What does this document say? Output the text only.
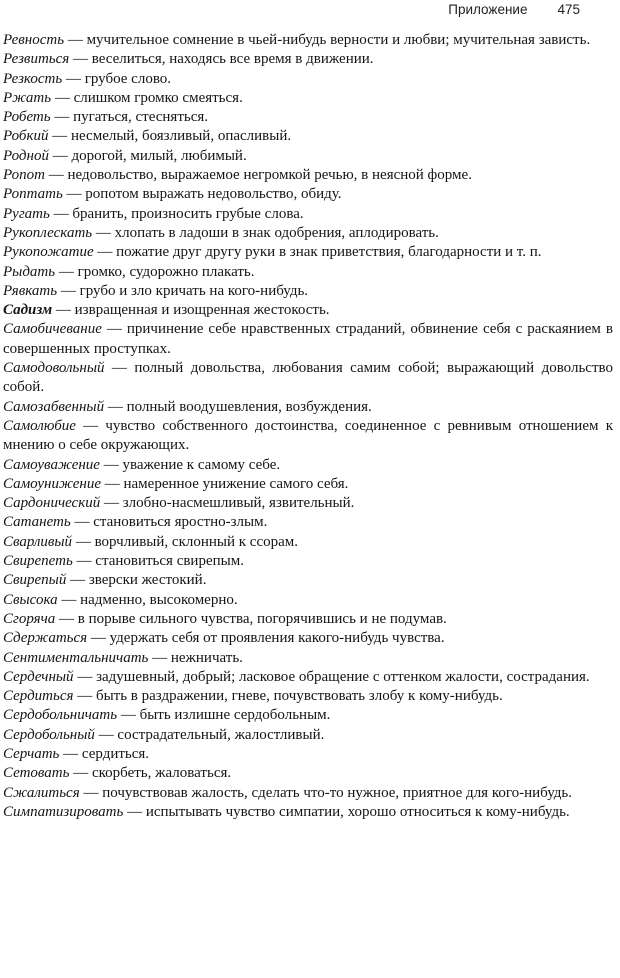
Приложение 475

Ревность — мучительное сомнение в чьей-нибудь верности и любви; мучительная зависть.

Резвиться — веселиться, находясь все время в движении.

Резкость — грубое слово.

Ржать — слишком громко смеяться.

Робеть — пугаться, стесняться.

Робкий — несмелый, боязливый, опасливый.

Родной — дорогой, милый, любимый.

Ропот — недовольство, выражаемое негромкой речью, в неясной форме.

Роптать — ропотом выражать недовольство, обиду.

Ругать — бранить, произносить грубые слова.

Рукоплескать — хлопать в ладоши в знак одобрения, аплодировать.

Рукопожатие — пожатие друг другу руки в знак приветствия, благодарности и т. п.

Рыдать — громко, судорожно плакать.

Рявкать — грубо и зло кричать на кого-нибудь.

Садизм — извращенная и изощренная жестокость.

Самобичевание — причинение себе нравственных страданий, обвинение себя с раскаянием в совершенных проступках.

Самодовольный — полный довольства, любования самим собой; выражающий довольство собой.

Самозабвенный — полный воодушевления, возбуждения.

Самолюбие — чувство собственного достоинства, соединенное с ревнивым отношением к мнению о себе окружающих.

Самоуважение — уважение к самому себе.

Самоунижение — намеренное унижение самого себя.

Сардонический — злобно-насмешливый, язвительный.

Сатанеть — становиться яростно-злым.

Сварливый — ворчливый, склонный к ссорам.

Свирепеть — становиться свирепым.

Свирепый — зверски жестокий.

Свысока — надменно, высокомерно.

Сгоряча — в порыве сильного чувства, погорячившись и не подумав.

Сдержаться — удержать себя от проявления какого-нибудь чувства.

Сентиментальничать — нежничать.

Сердечный — задушевный, добрый; ласковое обращение с оттенком жалости, сострадания.

Сердиться — быть в раздражении, гневе, почувствовать злобу к кому-нибудь.

Сердобольничать — быть излишне сердобольным.

Сердобольный — сострадательный, жалостливый.

Серчать — сердиться.

Сетовать — скорбеть, жаловаться.

Сжалиться — почувствовав жалость, сделать что-то нужное, приятное для кого-нибудь.

Симпатизировать — испытывать чувство симпатии, хорошо относиться к кому-нибудь.
